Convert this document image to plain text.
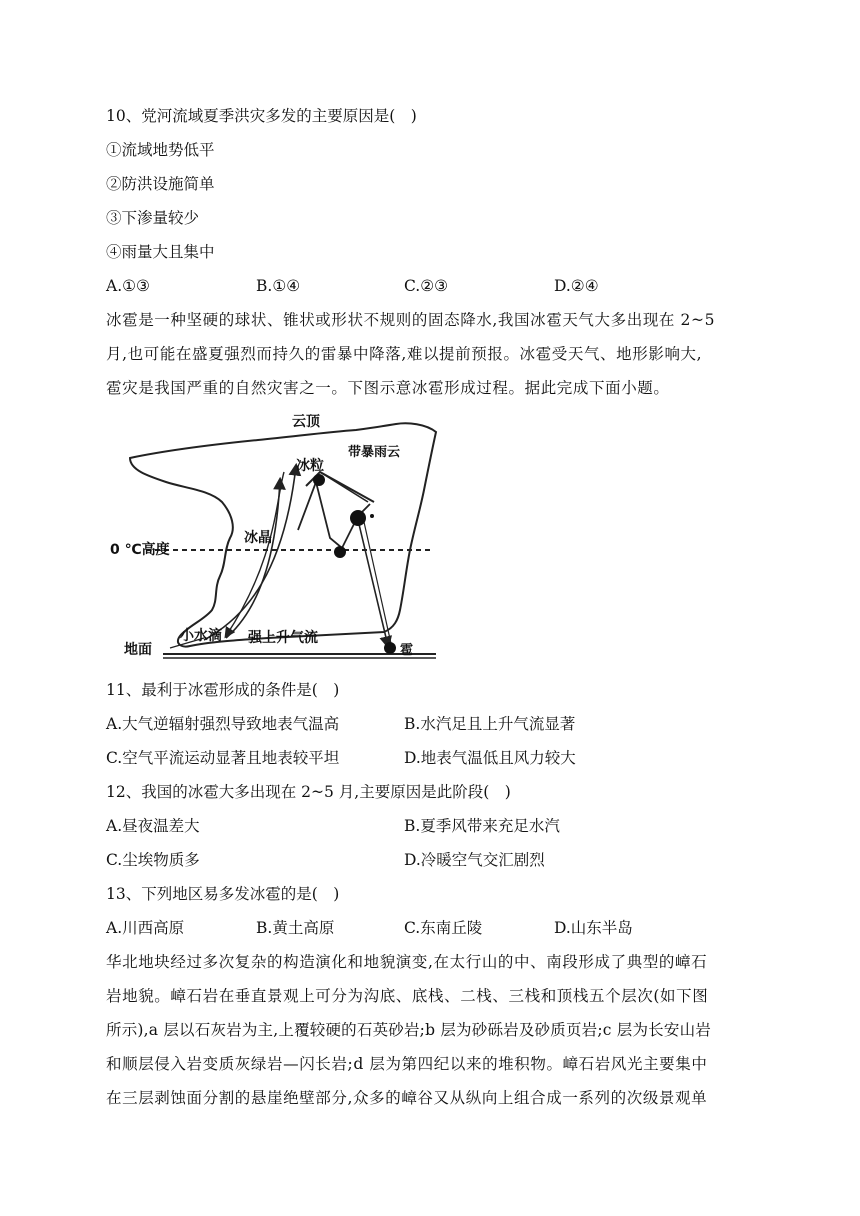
10、党河流域夏季洪灾多发的主要原因是(　)
①流域地势低平
②防洪设施简单
③下渗量较少
④雨量大且集中
A.①③	B.①④	C.②③	D.②④
冰雹是一种坚硬的球状、锥状或形状不规则的固态降水,我国冰雹天气大多出现在 2~5
月,也可能在盛夏强烈而持久的雷暴中降落,难以提前预报。冰雹受天气、地形影响大,
雹灾是我国严重的自然灾害之一。下图示意冰雹形成过程。据此完成下面小题。
云顶
带暴雨云
冰粒
冰晶
0 ℃高度
小水滴 强上升气流
地面	雹
11、最利于冰雹形成的条件是(　)
A.大气逆辐射强烈导致地表气温高	B.水汽足且上升气流显著
C.空气平流运动显著且地表较平坦	D.地表气温低且风力较大
12、我国的冰雹大多出现在 2~5 月,主要原因是此阶段(　)
A.昼夜温差大	B.夏季风带来充足水汽
C.尘埃物质多	D.冷暖空气交汇剧烈
13、下列地区易多发冰雹的是(　)
A.川西高原	B.黄土高原	C.东南丘陵	D.山东半岛
华北地块经过多次复杂的构造演化和地貌演变,在太行山的中、南段形成了典型的嶂石
岩地貌。嶂石岩在垂直景观上可分为沟底、底栈、二栈、三栈和顶栈五个层次(如下图
所示),a 层以石灰岩为主,上覆较硬的石英砂岩;b 层为砂砾岩及砂质页岩;c 层为长安山岩
和顺层侵入岩变质灰绿岩—闪长岩;d 层为第四纪以来的堆积物。嶂石岩风光主要集中
在三层剥蚀面分割的悬崖绝壁部分,众多的嶂谷又从纵向上组合成一系列的次级景观单
